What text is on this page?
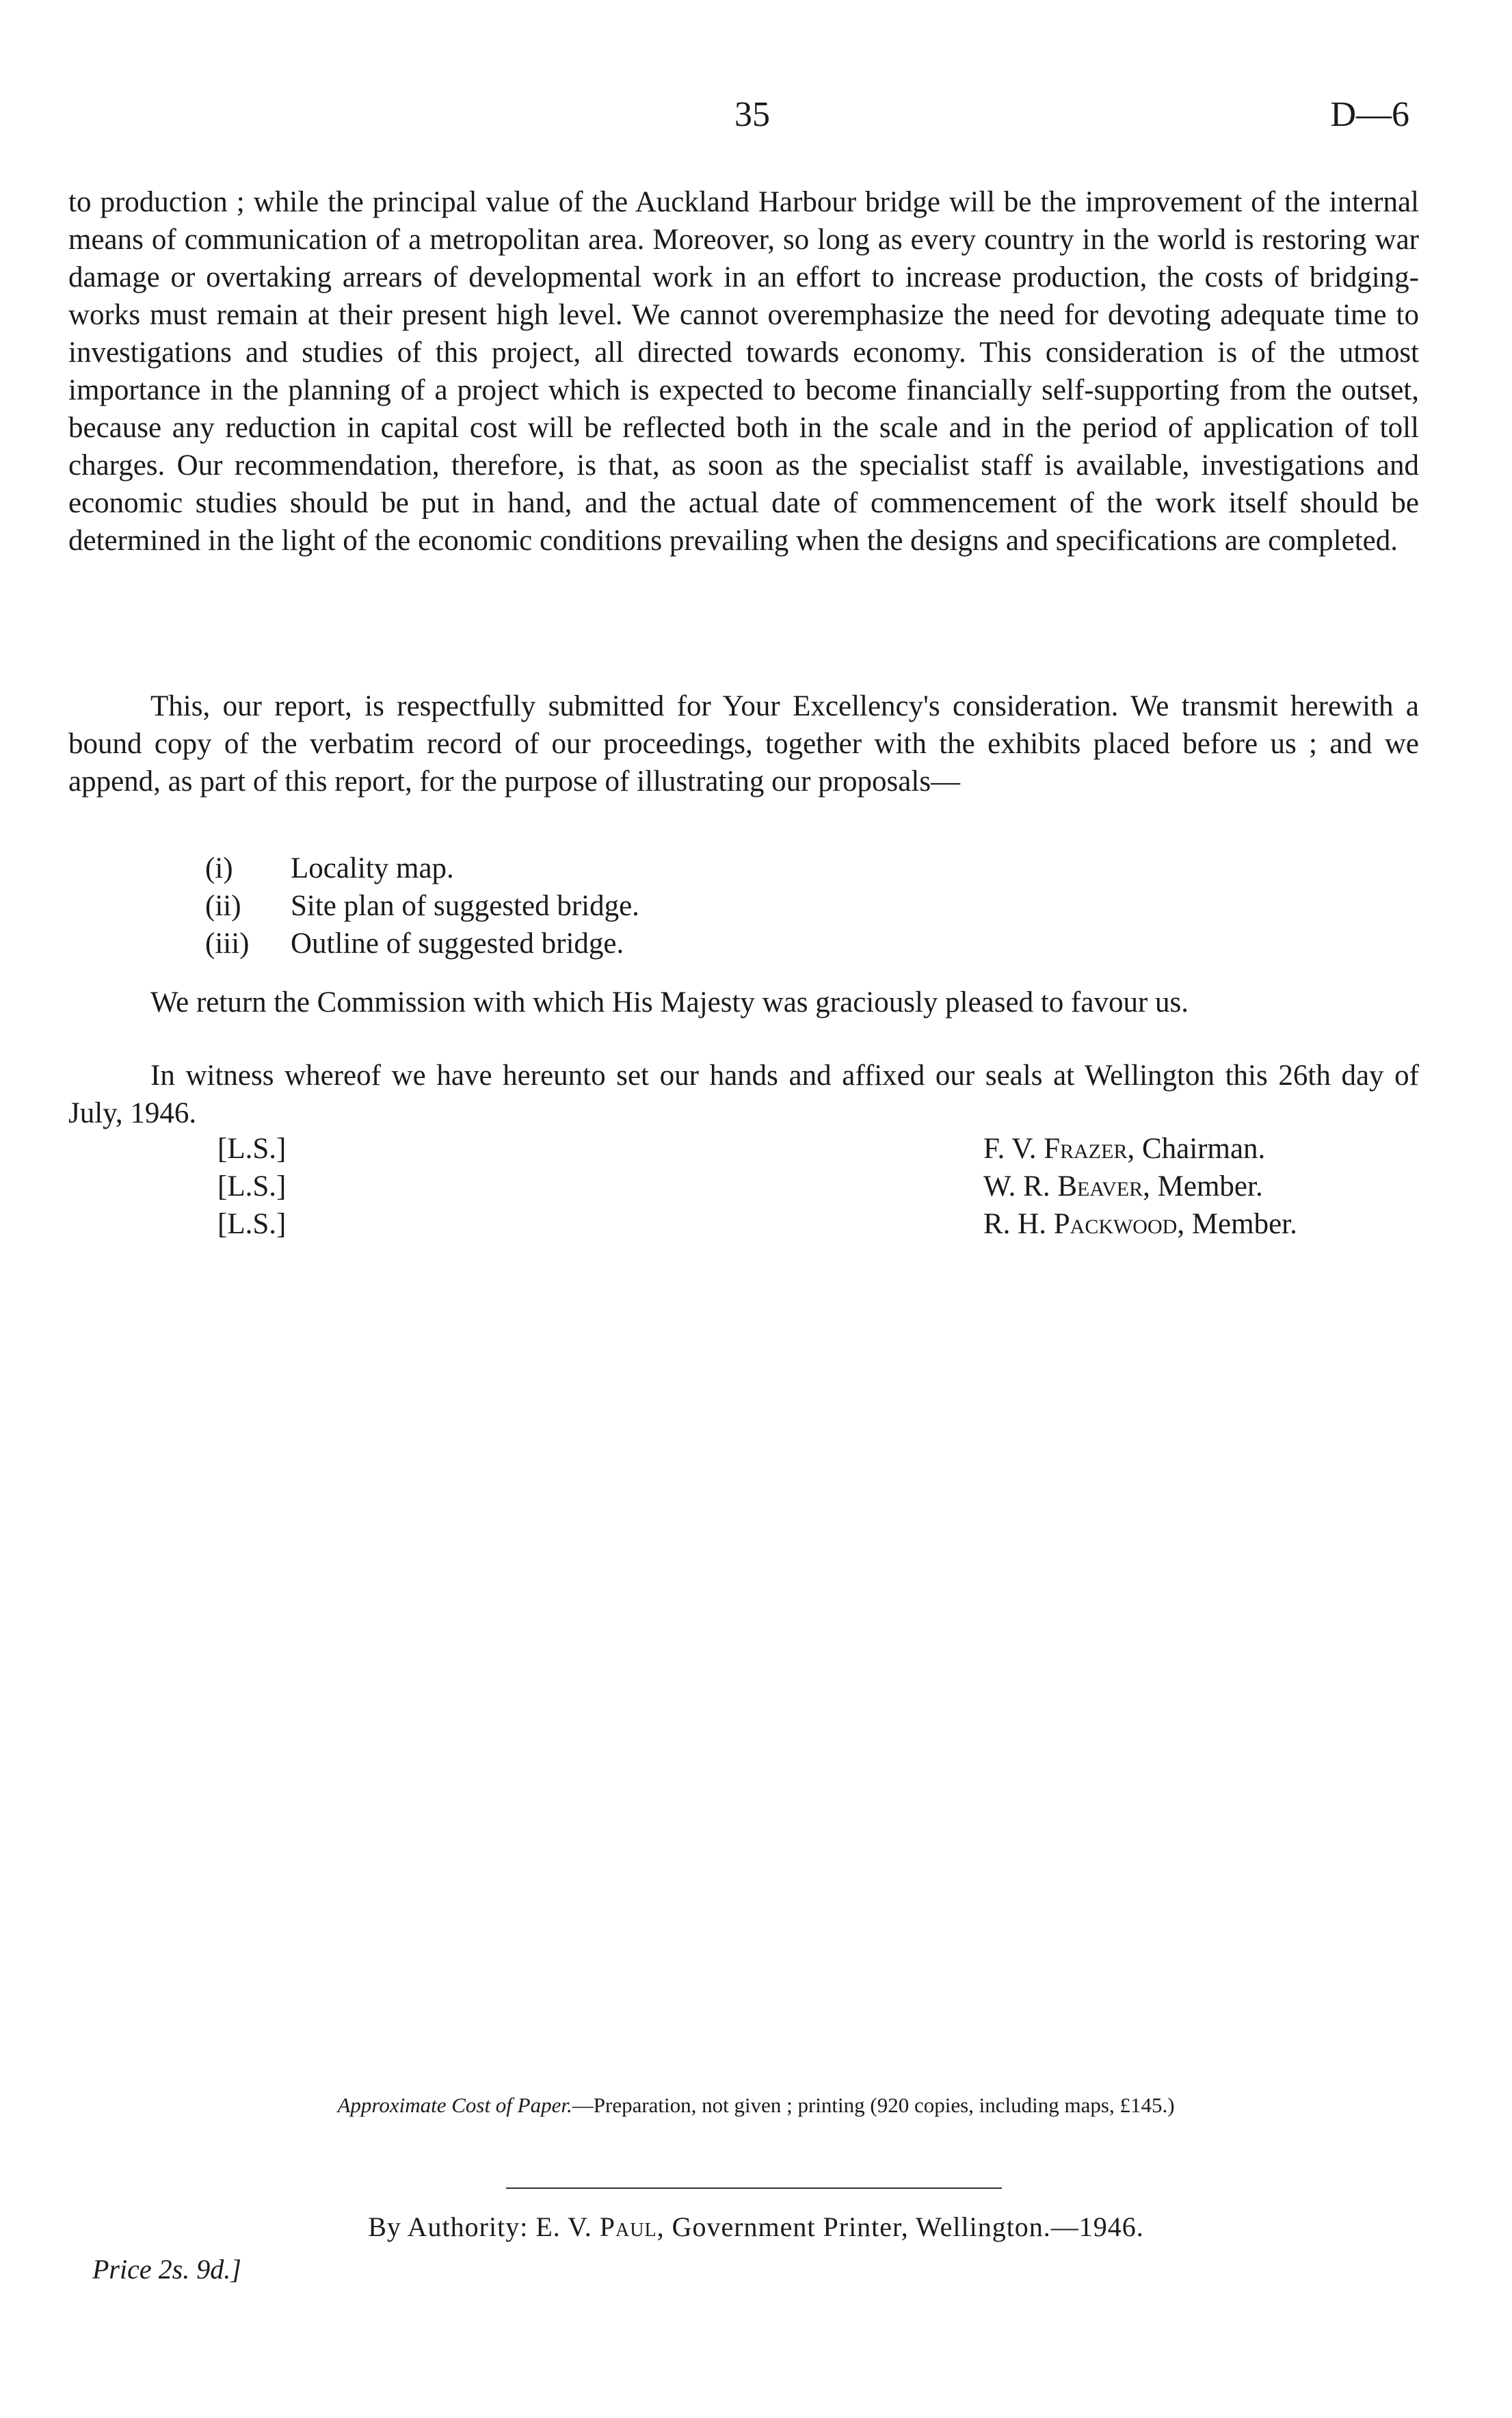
35	D—6

to production ; while the principal value of the Auckland Harbour bridge will be the improvement of the internal means of communication of a metropolitan area. Moreover, so long as every country in the world is restoring war damage or overtaking arrears of developmental work in an effort to increase production, the costs of bridging-works must remain at their present high level. We cannot overemphasize the need for devoting adequate time to investigations and studies of this project, all directed towards economy. This consideration is of the utmost importance in the planning of a project which is expected to become financially self-supporting from the outset, because any reduction in capital cost will be reflected both in the scale and in the period of application of toll charges. Our recommendation, therefore, is that, as soon as the specialist staff is available, investigations and economic studies should be put in hand, and the actual date of commencement of the work itself should be determined in the light of the economic conditions prevailing when the designs and specifications are completed.

This, our report, is respectfully submitted for Your Excellency's consideration. We transmit herewith a bound copy of the verbatim record of our proceedings, together with the exhibits placed before us ; and we append, as part of this report, for the purpose of illustrating our proposals—

(i)	Locality map.
(ii)	Site plan of suggested bridge.
(iii)	Outline of suggested bridge.

We return the Commission with which His Majesty was graciously pleased to favour us.

In witness whereof we have hereunto set our hands and affixed our seals at Wellington this 26th day of July, 1946.

[L.S.]	F. V. Frazer, Chairman.
[L.S.]	W. R. Beaver, Member.
[L.S.]	R. H. Packwood, Member.
Approximate Cost of Paper.—Preparation, not given ; printing (920 copies, including maps, £145.)
By Authority: E. V. Paul, Government Printer, Wellington.—1946.
Price 2s. 9d.]
